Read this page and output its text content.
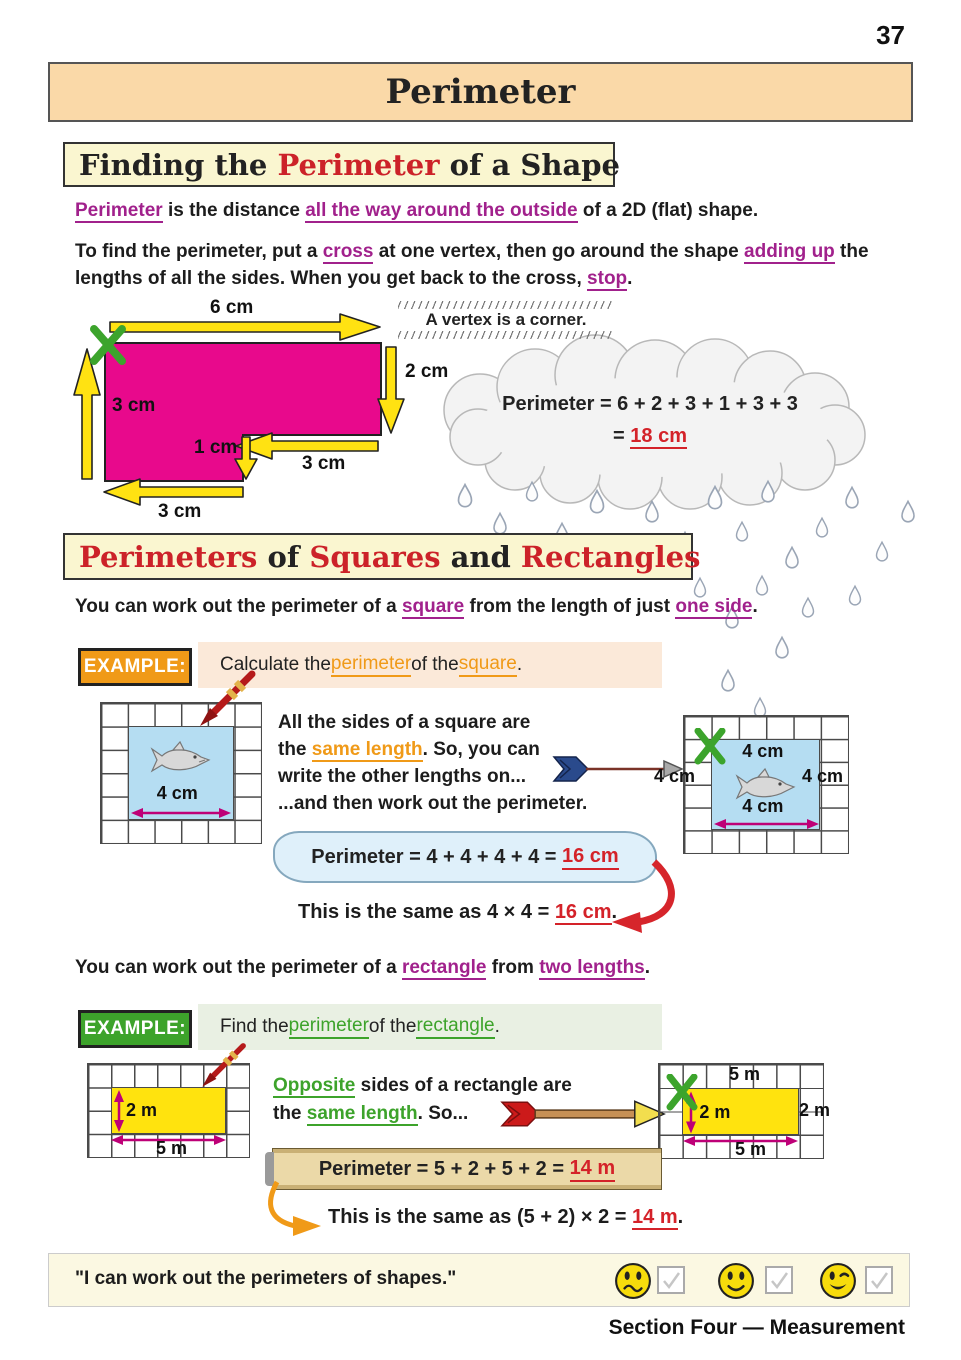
37
Perimeter
Finding the Perimeter of a Shape

Perimeter is the distance all the way around the outside of a 2D (flat) shape.

To find the perimeter, put a cross at one vertex, then go around the shape adding up the lengths of all the sides. When you get back to the cross, stop.

6 cm
2 cm
3 cm
1 cm
3 cm
3 cm
A vertex is a corner.
Perimeter = 6 + 2 + 3 + 1 + 3 + 3
= 18 cm
Perimeters of Squares and Rectangles

You can work out the perimeter of a square from the length of just one side.

Calculate the perimeter of the square .
EXAMPLE:
4 cm

All the sides of a square are

the same length. So, you can

write the other lengths on...

...and then work out the perimeter.

4 cm
4 cm
4 cm	4 cm
Perimeter = 4 + 4 + 4 + 4 = 16 cm
This is the same as 4 × 4 = 16 cm.

You can work out the perimeter of a rectangle from two lengths.

Find the perimeter of the rectangle .
EXAMPLE:
2 m
5 m

Opposite sides of a rectangle are

the same length. So...

5 m
2 m	2 m
5 m
Perimeter = 5 + 2 + 5 + 2 = 14 m
This is the same as (5 + 2) × 2 = 14 m.
"I can work out the perimeters of shapes."
Section Four — Measurement
